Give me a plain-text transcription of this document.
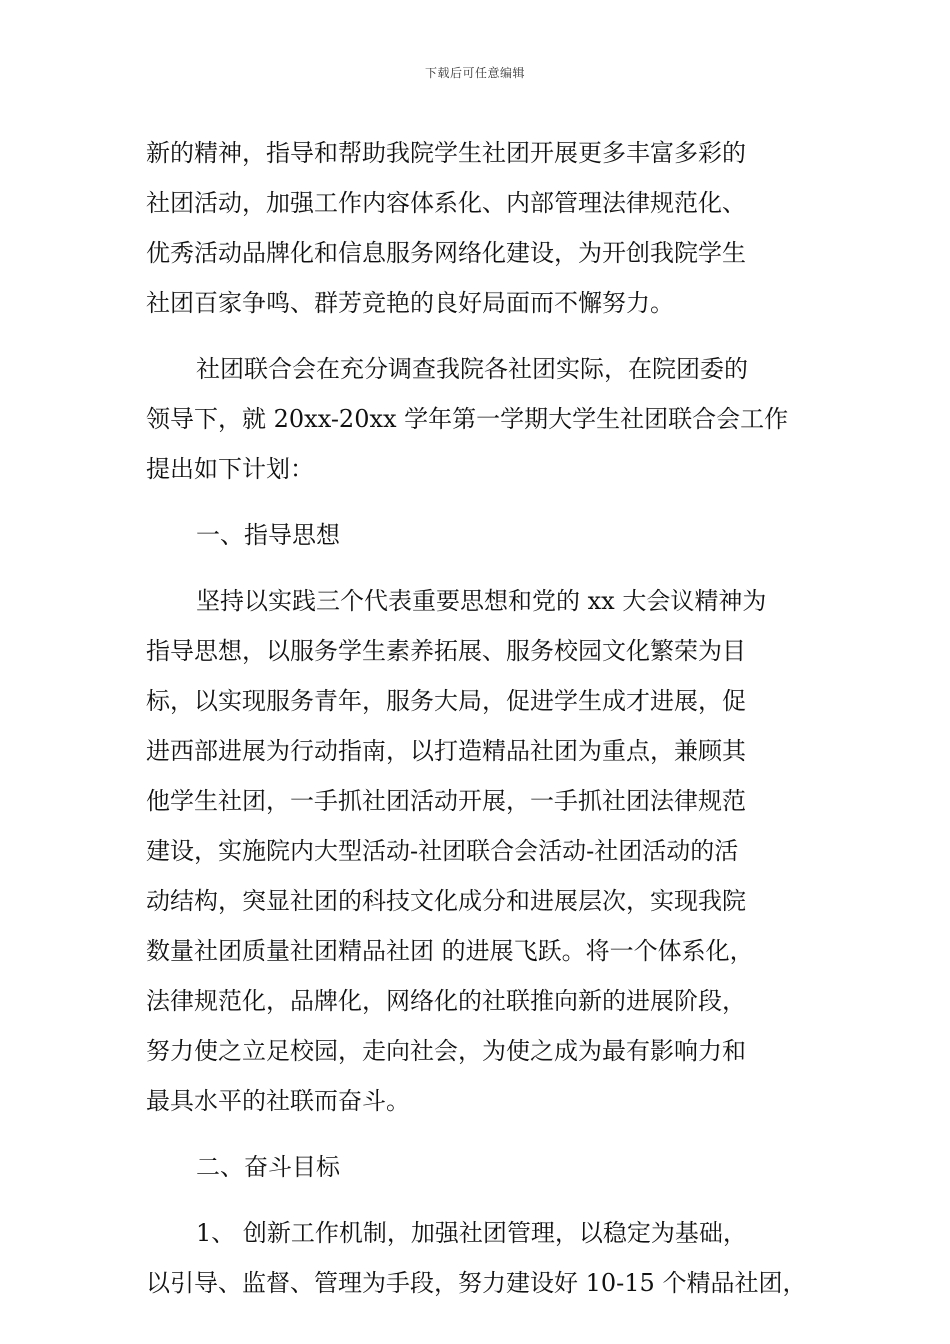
下载后可任意编辑
新的精神，指导和帮助我院学生社团开展更多丰富多彩的
社团活动，加强工作内容体系化、内部管理法律规范化、
优秀活动品牌化和信息服务网络化建设，为开创我院学生
社团百家争鸣、群芳竞艳的良好局面而不懈努力。
社团联合会在充分调查我院各社团实际，在院团委的
领导下，就 20xx-20xx 学年第一学期大学生社团联合会工作
提出如下计划：
一、指导思想
坚持以实践三个代表重要思想和党的 xx 大会议精神为
指导思想，以服务学生素养拓展、服务校园文化繁荣为目
标，以实现服务青年，服务大局，促进学生成才进展，促
进西部进展为行动指南，以打造精品社团为重点，兼顾其
他学生社团，一手抓社团活动开展，一手抓社团法律规范
建设，实施院内大型活动-社团联合会活动-社团活动的活
动结构，突显社团的科技文化成分和进展层次，实现我院
数量社团质量社团精品社团 的进展飞跃。将一个体系化，
法律规范化，品牌化，网络化的社联推向新的进展阶段，
努力使之立足校园，走向社会，为使之成为最有影响力和
最具水平的社联而奋斗。
二、奋斗目标
1、 创新工作机制，加强社团管理，以稳定为基础，
以引导、监督、管理为手段，努力建设好 10-15 个精品社团，
